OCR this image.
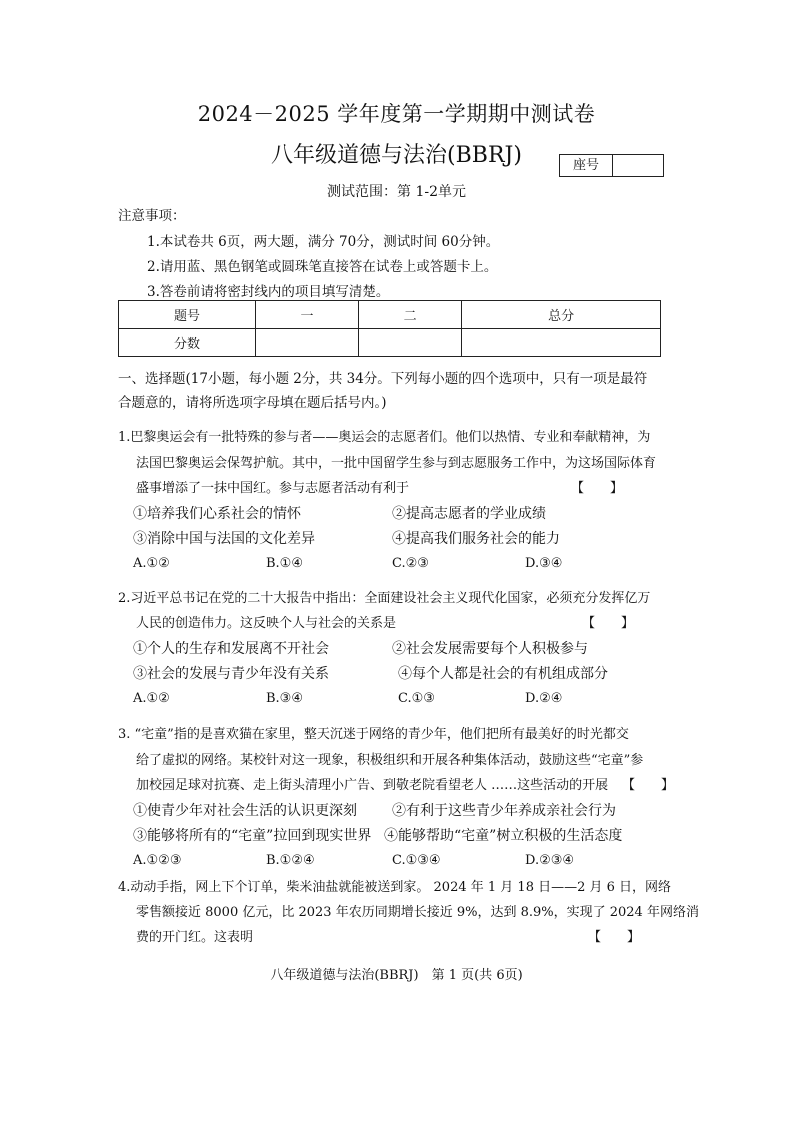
2024－2025 学年度第一学期期中测试卷
八年级道德与法治(BBRJ)	座号
测试范围：第 1-2单元
注意事项：
1.本试卷共 6页，两大题，满分 70分，测试时间 60分钟。
2.请用蓝、黑色钢笔或圆珠笔直接答在试卷上或答题卡上。
3.答卷前请将密封线内的项目填写清楚。
题号	一	二	总分
分数			
一、选择题(17小题，每小题 2分，共 34分。下列每小题的四个选项中，只有一项是最符
合题意的，请将所选项字母填在题后括号内。)
1.巴黎奥运会有一批特殊的参与者——奥运会的志愿者们。他们以热情、专业和奉献精神，为
法国巴黎奥运会保驾护航。其中，一批中国留学生参与到志愿服务工作中，为这场国际体育
盛事增添了一抹中国红。参与志愿者活动有利于	【　　】
①培养我们心系社会的情怀	②提高志愿者的学业成绩
③消除中国与法国的文化差异	④提高我们服务社会的能力
A.①②	B.①④	C.②③	D.③④
2.习近平总书记在党的二十大报告中指出：全面建设社会主义现代化国家，必须充分发挥亿万
人民的创造伟力。这反映个人与社会的关系是	【　　】
①个人的生存和发展离不开社会	②社会发展需要每个人积极参与
③社会的发展与青少年没有关系	④每个人都是社会的有机组成部分
A.①②	B.③④	C.①③	D.②④
3. “宅童”指的是喜欢猫在家里，整天沉迷于网络的青少年，他们把所有最美好的时光都交
给了虚拟的网络。某校针对这一现象，积极组织和开展各种集体活动，鼓励这些“宅童”参
加校园足球对抗赛、走上街头清理小广告、到敬老院看望老人 ……这些活动的开展 【　　】
①使青少年对社会生活的认识更深刻	②有利于这些青少年养成亲社会行为
③能够将所有的“宅童”拉回到现实世界 ④能够帮助“宅童”树立积极的生活态度
A.①②③	B.①②④	C.①③④	D.②③④
4.动动手指，网上下个订单，柴米油盐就能被送到家。 2024 年 1 月 18 日——2 月 6 日，网络
零售额接近 8000 亿元，比 2023 年农历同期增长接近 9%，达到 8.9%，实现了 2024 年网络消
费的开门红。这表明	【　　】
八年级道德与法治(BBRJ)　第 1 页(共 6页)
